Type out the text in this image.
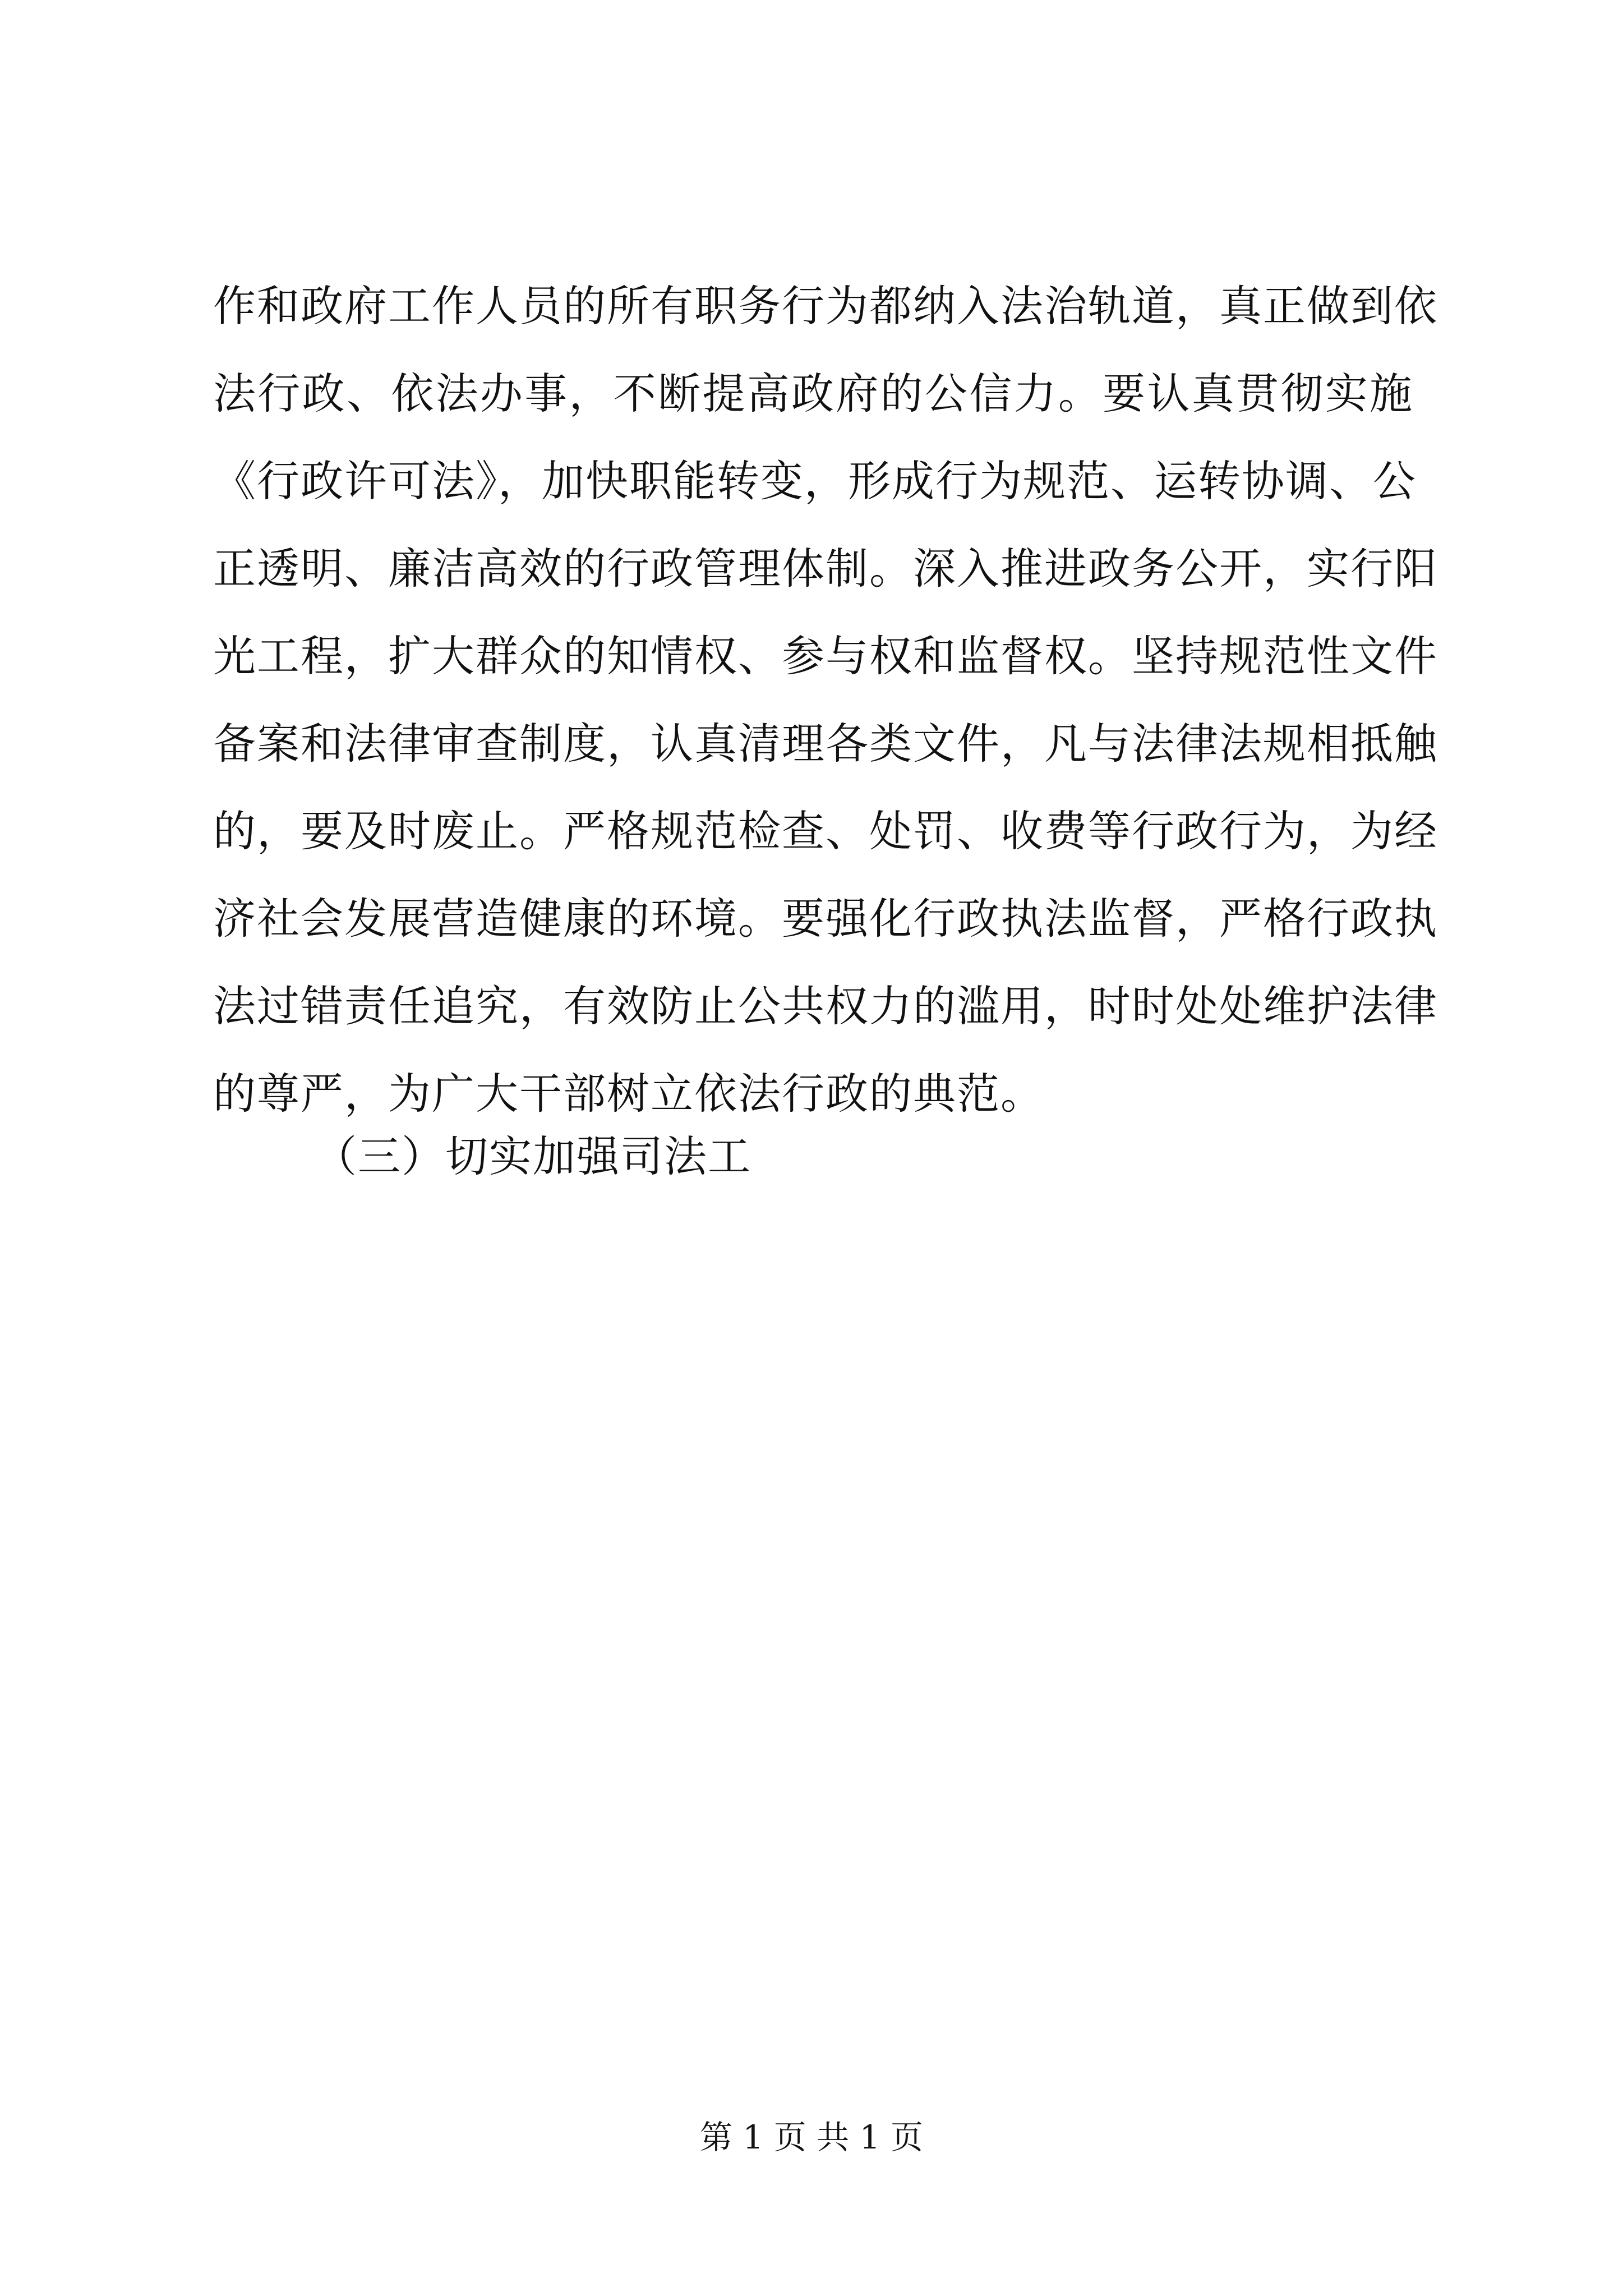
作和政府工作人员的所有职务行为都纳入法治轨道，真正做到依
法行政、依法办事，不断提高政府的公信力。要认真贯彻实施
《行政许可法》，加快职能转变，形成行为规范、运转协调、公
正透明、廉洁高效的行政管理体制。深入推进政务公开，实行阳
光工程，扩大群众的知情权、参与权和监督权。坚持规范性文件
备案和法律审查制度，认真清理各类文件，凡与法律法规相抵触
的，要及时废止。严格规范检查、处罚、收费等行政行为，为经
济社会发展营造健康的环境。要强化行政执法监督，严格行政执
法过错责任追究，有效防止公共权力的滥用，时时处处维护法律
的尊严，为广大干部树立依法行政的典范。
（三）切实加强司法工
第 1 页 共 1 页
